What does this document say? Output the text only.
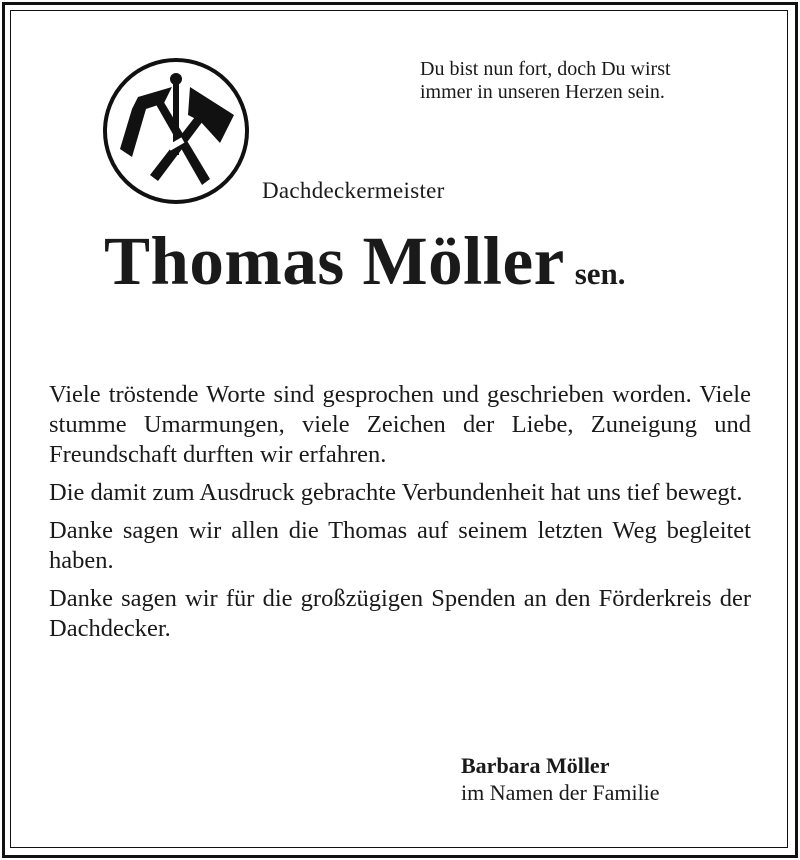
Du bist nun fort, doch Du wirst
immer in unseren Herzen sein.
Dachdeckermeister
Thomas Möller sen.

Viele tröstende Worte sind gesprochen und geschrieben worden. Viele stumme Umarmungen, viele Zeichen der Liebe, Zuneigung und Freundschaft durften wir erfahren.

Die damit zum Ausdruck gebrachte Verbundenheit hat uns tief bewegt.

Danke sagen wir allen die Thomas auf seinem letzten Weg begleitet haben.

Danke sagen wir für die großzügigen Spenden an den Förderkreis der Dachdecker.

Barbara Möller
im Namen der Familie
